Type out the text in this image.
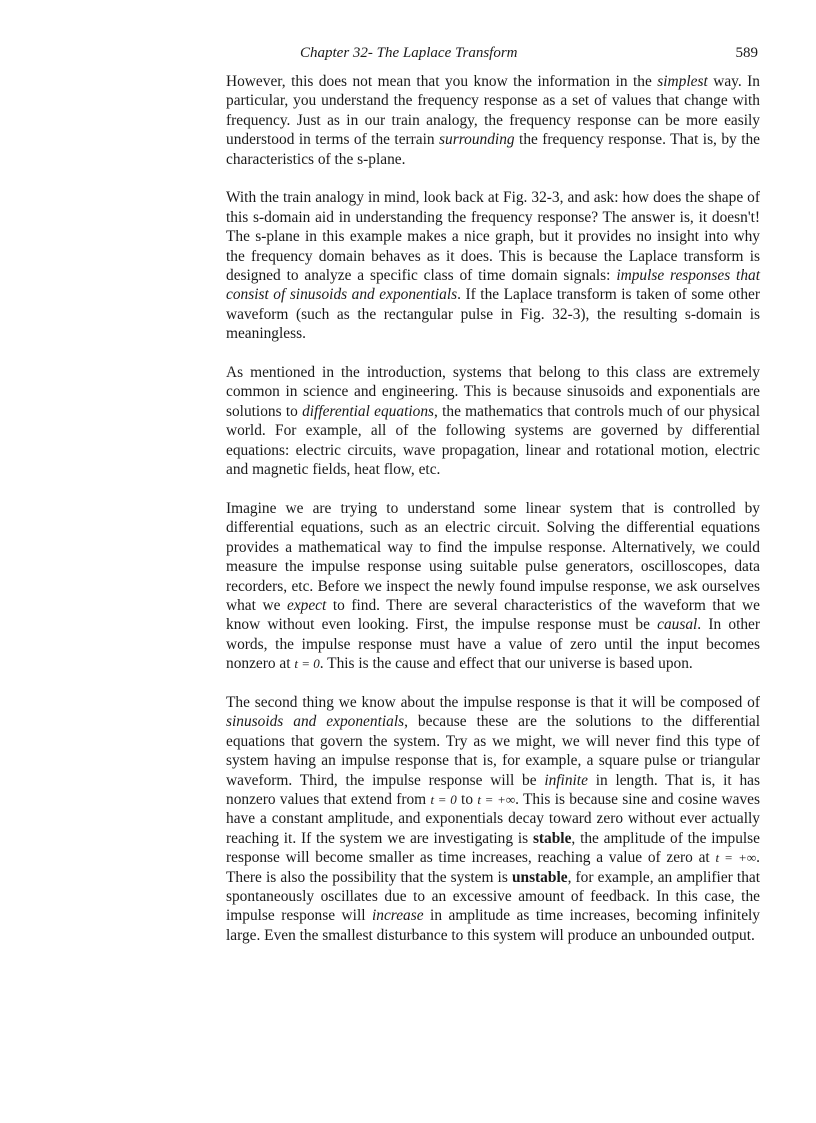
Chapter 32- The Laplace Transform	589

However, this does not mean that you know the information in the simplest way. In particular, you understand the frequency response as a set of values that change with frequency. Just as in our train analogy, the frequency response can be more easily understood in terms of the terrain surrounding the frequency response. That is, by the characteristics of the s-plane.

With the train analogy in mind, look back at Fig. 32-3, and ask: how does the shape of this s-domain aid in understanding the frequency response? The answer is, it doesn't! The s-plane in this example makes a nice graph, but it provides no insight into why the frequency domain behaves as it does. This is because the Laplace transform is designed to analyze a specific class of time domain signals: impulse responses that consist of sinusoids and exponentials. If the Laplace transform is taken of some other waveform (such as the rectangular pulse in Fig. 32-3), the resulting s-domain is meaningless.

As mentioned in the introduction, systems that belong to this class are extremely common in science and engineering. This is because sinusoids and exponentials are solutions to differential equations, the mathematics that controls much of our physical world. For example, all of the following systems are governed by differential equations: electric circuits, wave propagation, linear and rotational motion, electric and magnetic fields, heat flow, etc.

Imagine we are trying to understand some linear system that is controlled by differential equations, such as an electric circuit. Solving the differential equations provides a mathematical way to find the impulse response. Alternatively, we could measure the impulse response using suitable pulse generators, oscilloscopes, data recorders, etc. Before we inspect the newly found impulse response, we ask ourselves what we expect to find. There are several characteristics of the waveform that we know without even looking. First, the impulse response must be causal. In other words, the impulse response must have a value of zero until the input becomes nonzero at t = 0. This is the cause and effect that our universe is based upon.

The second thing we know about the impulse response is that it will be composed of sinusoids and exponentials, because these are the solutions to the differential equations that govern the system. Try as we might, we will never find this type of system having an impulse response that is, for example, a square pulse or triangular waveform. Third, the impulse response will be infinite in length. That is, it has nonzero values that extend from t = 0 to t = +∞. This is because sine and cosine waves have a constant amplitude, and exponentials decay toward zero without ever actually reaching it. If the system we are investigating is stable, the amplitude of the impulse response will become smaller as time increases, reaching a value of zero at t = +∞. There is also the possibility that the system is unstable, for example, an amplifier that spontaneously oscillates due to an excessive amount of feedback. In this case, the impulse response will increase in amplitude as time increases, becoming infinitely large. Even the smallest disturbance to this system will produce an unbounded output.
